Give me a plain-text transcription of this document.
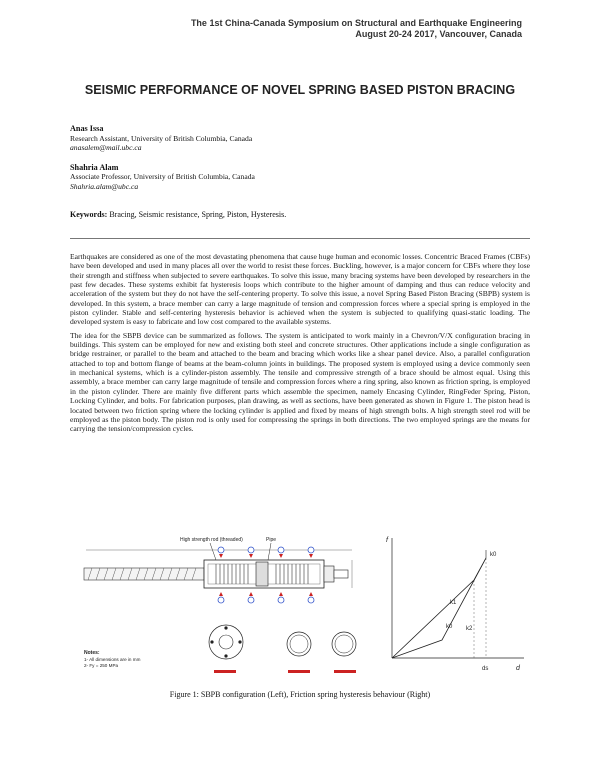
The 1st China-Canada Symposium on Structural and Earthquake Engineering
August 20-24 2017, Vancouver, Canada
SEISMIC PERFORMANCE OF NOVEL SPRING BASED PISTON BRACING
Anas Issa
Research Assistant, University of British Columbia, Canada
anasalem@mail.ubc.ca
Shahria Alam
Associate Professor, University of British Columbia, Canada
Shahria.alam@ubc.ca
Keywords: Bracing, Seismic resistance, Spring, Piston, Hysteresis.

Earthquakes are considered as one of the most devastating phenomena that cause huge human and economic losses. Concentric Braced Frames (CBFs) have been developed and used in many places all over the world to resist these forces. Buckling, however, is a major concern for CBFs where they lose their strength and stiffness when subjected to severe earthquakes. To solve this issue, many bracing systems have been developed by researchers in the past few decades. These systems exhibit fat hysteresis loops which contribute to the higher amount of damping and thus can reduce velocity and acceleration of the system but they do not have the self-centering property. To solve this issue, a novel Spring Based Piston Bracing (SBPB) system is developed. In this system, a brace member can carry a large magnitude of tension and compression forces where a special spring is employed in the piston cylinder. Stable and self-centering hysteresis behavior is achieved when the system is subjected to qualifying quasi-static loading. The developed system is easy to fabricate and low cost compared to the available systems.

The idea for the SBPB device can be summarized as follows. The system is anticipated to work mainly in a Chevron/V/X configuration bracing in buildings. This system can be employed for new and existing both steel and concrete structures. Other applications include a single configuration as bridge restrainer, or parallel to the beam and attached to the beam and bracing which works like a shear panel device. Also, a parallel configuration attached to top and bottom flange of beams at the beam-column joints in buildings. The proposed system is employed using a device commonly seen in mechanical systems, which is a cylinder-piston assembly. The tensile and compressive strength of a brace should be almost equal. Using this assembly, a brace member can carry large magnitude of tensile and compression forces where a ring spring, also known as friction spring, is employed in the piston cylinder. There are mainly five different parts which assemble the specimen, namely Encasing Cylinder, RingFeder Spring, Piston, Locking Cylinder, and bolts. For fabrication purposes, plan drawing, as well as sections, have been generated as shown in Figure 1. The piston head is located between two friction spring where the locking cylinder is applied and fixed by means of high strength bolts. A high strength steel rod will be employed as the piston body. The piston rod is only used for compressing the springs in both directions. The two employed springs are the means for carrying the tension/compression cycles.

High strength rod (threaded)	Pipe
Notes:
1- All dimensions are in mm
2- Fy = 250 MPa
f
d
k0
k1
k0 k2
ds
Figure 1: SBPB configuration (Left), Friction spring hysteresis behaviour (Right)
